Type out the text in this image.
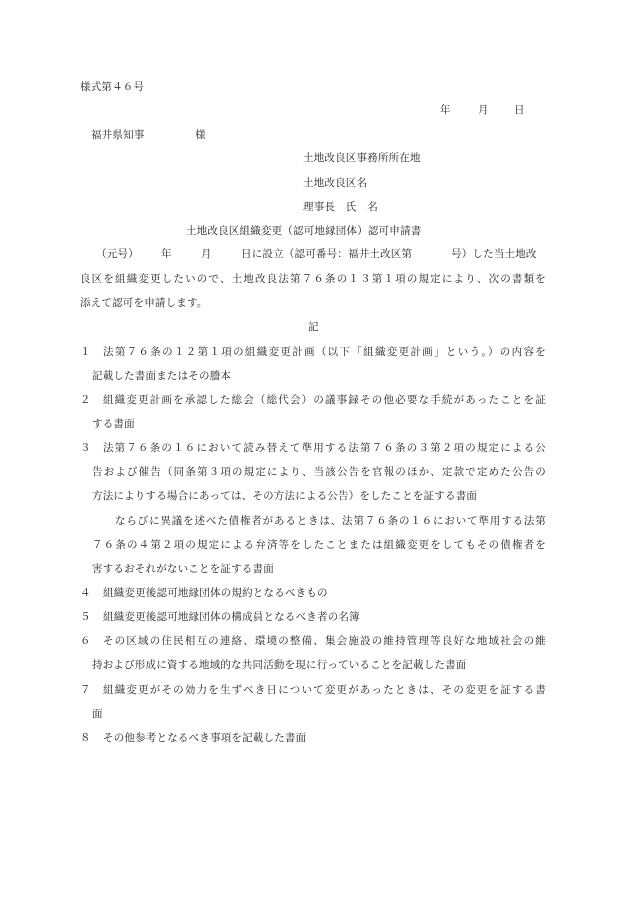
様式第４６号
年	月 日
福井県知事	様
土地改良区事務所所在地
土地改良区名
理事長　氏　名
土地改良区組織変更（認可地縁団体）認可申請書
（元号） 年	月	日に設立（認可番号：福井土改区第	号）した当土地改
良区を組織変更したいので、土地改良法第７６条の１３第１項の規定により、次の書類を
添えて認可を申請します。
記
１ 法第７６条の１２第１項の組織変更計画（以下「組織変更計画」という。）の内容を
記載した書面またはその謄本
２ 組織変更計画を承認した総会（総代会）の議事録その他必要な手続があったことを証
する書面
３ 法第７６条の１６において読み替えて準用する法第７６条の３第２項の規定による公
告および催告（同条第３項の規定により、当該公告を官報のほか、定款で定めた公告の
方法によりする場合にあっては、その方法による公告）をしたことを証する書面
ならびに異議を述べた債権者があるときは、法第７６条の１６において準用する法第
７６条の４第２項の規定による弁済等をしたことまたは組織変更をしてもその債権者を
害するおそれがないことを証する書面
４ 組織変更後認可地縁団体の規約となるべきもの
５ 組織変更後認可地縁団体の構成員となるべき者の名簿
６ その区域の住民相互の連絡、環境の整備、集会施設の維持管理等良好な地域社会の維
持および形成に資する地域的な共同活動を現に行っていることを記載した書面
７ 組織変更がその効力を生ずべき日について変更があったときは、その変更を証する書
面
８ その他参考となるべき事項を記載した書面
